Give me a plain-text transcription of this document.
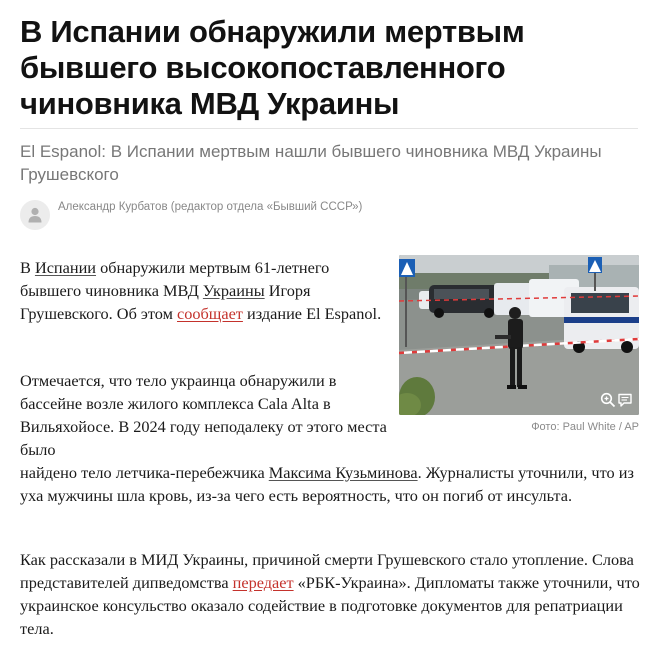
В Испании обнаружили мертвым бывшего высокопоставленного чиновника МВД Украины

El Espanol: В Испании мертвым нашли бывшего чиновника МВД Украины Грушевского

Александр Курбатов (редактор отдела «Бывший СССР»)
Фото: Paul White / AP

В Испании обнаружили мертвым 61-летнего бывшего чиновника МВД Украины Игоря Грушевского. Об этом сообщает издание El Espanol.

Отмечается, что тело украинца обнаружили в бассейне возле жилого комплекса Cala Alta в Вильяхойосе. В 2024 году неподалеку от этого места было
найдено тело летчика-перебежчика Максима Кузьминова. Журналисты уточнили, что из уха мужчины шла кровь, из-за чего есть вероятность, что он погиб от инсульта.

Как рассказали в МИД Украины, причиной смерти Грушевского стало утопление. Слова представителей дипведомства передает «РБК-Украина». Дипломаты также уточнили, что украинское консульство оказало содействие в подготовке документов для репатриации тела.
